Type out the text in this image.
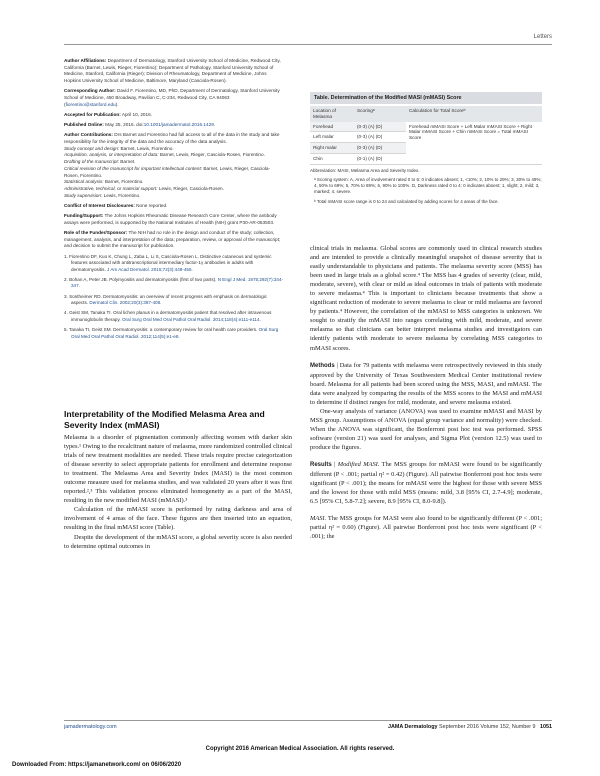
Letters

Author Affiliations: Department of Dermatology, Stanford University School of Medicine, Redwood City, California (Barnet, Lewis, Rieger, Fiorentino); Department of Pathology, Stanford University School of Medicine, Stanford, California (Rieger); Division of Rheumatology, Department of Medicine, Johns Hopkins University School of Medicine, Baltimore, Maryland (Casciola-Rosen).

Corresponding Author: David F. Fiorentino, MD, PhD, Department of Dermatology, Stanford University School of Medicine, 450 Broadway, Pavilion C, C-234, Redwood City, CA 94063 (fiorentino@stanford.edu).

Accepted for Publication: April 10, 2016.

Published Online: May 25, 2016. doi:10.1001/jamadermatol.2016.1429.

Author Contributions: Drs Barnet and Fiorentino had full access to all of the data in the study and take responsibility for the integrity of the data and the accuracy of the data analysis.
Study concept and design: Barnet, Lewis, Fiorentino.
Acquisition, analysis, or interpretation of data: Barnet, Lewis, Rieger, Casciola-Rosen, Fiorentino.
Drafting of the manuscript: Barnet.
Critical revision of the manuscript for important intellectual content: Barnet, Lewis, Rieger, Casciola-Rosen, Fiorentino.
Statistical analysis: Barnet, Fiorentino.
Administrative, technical, or material support: Lewis, Rieger, Casciola-Rosen.
Study supervision: Lewis, Fiorentino.

Conflict of Interest Disclosures: None reported.

Funding/Support: The Johns Hopkins Rheumatic Disease Research Core Center, where the antibody assays were performed, is supported by the National Institutes of Health (NIH) grant P30-AR-053503.

Role of the Funder/Sponsor: The NIH had no role in the design and conduct of the study; collection, management, analysis, and interpretation of the data; preparation, review, or approval of the manuscript; and decision to submit the manuscript for publication.

1. Fiorentino DF, Kuo K, Chung L, Zaba L, Li S, Casciola-Rosen L. Distinctive cutaneous and systemic features associated with antitranscriptional intermediary factor-1γ antibodies in adults with dermatomyositis. J Am Acad Dermatol. 2015;72(3):449-455.
2. Bohan A, Peter JB. Polymyositis and dermatomyositis (first of two parts). N Engl J Med. 1975;292(7):344-347.
3. Sontheimer RD. Dermatomyositis: an overview of recent progress with emphasis on dermatologic aspects. Dermatol Clin. 2002;20(3):387-408.
4. Geist SM, Tanaka TI. Oral lichen planus in a dermatomyositis patient that resolved after intravenous immunoglobulin therapy. Oral Surg Oral Med Oral Pathol Oral Radiol. 2014;118(4):e111-e114.
5. Tanaka TI, Geist SM. Dermatomyositis: a contemporary review for oral health care providers. Oral Surg Oral Med Oral Pathol Oral Radiol. 2012;114(5):e1-e8.
Interpretability of the Modified Melasma Area and Severity Index (mMASI)

Melasma is a disorder of pigmentation commonly affecting women with darker skin types.¹ Owing to the recalcitrant nature of melasma, more randomized controlled clinical trials of new treatment modalities are needed. These trials require precise categorization of disease severity to select appropriate patients for enrollment and determine response to treatment. The Melasma Area and Severity Index (MASI) is the most common outcome measure used for melasma studies, and was validated 20 years after it was first reported.²,³ This validation process eliminated homogeneity as a part of the MASI, resulting in the new modified MASI (mMASI).³

Calculation of the mMASI score is performed by rating darkness and area of involvement of 4 areas of the face. These figures are then inserted into an equation, resulting in the final mMASI score (Table).

Despite the development of the mMASI score, a global severity score is also needed to determine optimal outcomes in

Table. Determination of the Modified MASI (mMASI) Score
Location of Melasma	Scoringᵃ	Calculation for Total Scoreᵇ
Forehead	(0-3) (A) (D)	Forehead mMASI Score + Left Malar mMASI Score + Right Malar mMASI Score + Chin mMASI Score = Total mMASI Score
Left malar	(0-3) (A) (D)	
Right malar	(0-3) (A) (D)	
Chin	(0-1) (A) (D)	

Abbreviation: MASI, Melasma Area and Severity Index.

ᵃ Scoring system: A, Area of involvement rated 0 to 6: 0 indicates absent; 1, <10%; 2, 10% to 29%; 3, 30% to 49%; 4, 50% to 69%; 5, 70% to 89%; 6, 90% to 100%. D, Darkness rated 0 to 4: 0 indicates absent; 1, slight; 2, mild; 3, marked; 4, severe.

ᵇ Total mMASI score range is 0 to 24 and calculated by adding scores for 4 areas of the face.

clinical trials in melasma. Global scores are commonly used in clinical research studies and are intended to provide a clinically meaningful snapshot of disease severity that is easily understandable to physicians and patients. The melasma severity score (MSS) has been used in large trials as a global score.⁴ The MSS has 4 grades of severity (clear, mild, moderate, severe), with clear or mild as ideal outcomes in trials of patients with moderate to severe melasma.⁴ This is important to clinicians because treatments that show a significant reduction of moderate to severe melasma to clear or mild melasma are favored by patients.⁴ However, the correlation of the mMASI to MSS categories is unknown. We sought to stratify the mMASI into ranges correlating with mild, moderate, and severe melasma so that clinicians can better interpret melasma studies and investigators can identify patients with moderate to severe melasma by correlating MSS categories to mMASI scores.

Methods | Data for 79 patients with melasma were retrospectively reviewed in this study approved by the University of Texas Southwestern Medical Center institutional review board. Melasma for all patients had been scored using the MSS, MASI, and mMASI. The data were analyzed by comparing the results of the MSS scores to the MASI and mMASI to determine if distinct ranges for mild, moderate, and severe melasma existed.

One-way analysis of variance (ANOVA) was used to examine mMASI and MASI by MSS group. Assumptions of ANOVA (equal group variance and normality) were checked. When the ANOVA was significant, the Bonferroni post hoc test was performed. SPSS software (version 21) was used for analyses, and Sigma Plot (version 12.5) was used to produce the figures.

Results | Modified MASI. The MSS groups for mMASI were found to be significantly different (P < .001; partial η² = 0.42) (Figure). All pairwise Bonferroni post hoc tests were significant (P < .001); the means for mMASI were the highest for those with severe MSS and the lowest for those with mild MSS (means: mild, 3.8 [95% CI, 2.7-4.9]; moderate, 6.5 [95% CI, 5.8-7.2]; severe, 8.9 [95% CI, 8.0-9.8]).

MASI. The MSS groups for MASI were also found to be significantly different (P < .001; partial η² = 0.60) (Figure). All pairwise Bonferroni post hoc tests were significant (P < .001); the

jamadermatology.com	JAMA Dermatology September 2016 Volume 152, Number 9 1051
Copyright 2016 American Medical Association. All rights reserved.
Downloaded From: https://jamanetwork.com/ on 06/06/2020
